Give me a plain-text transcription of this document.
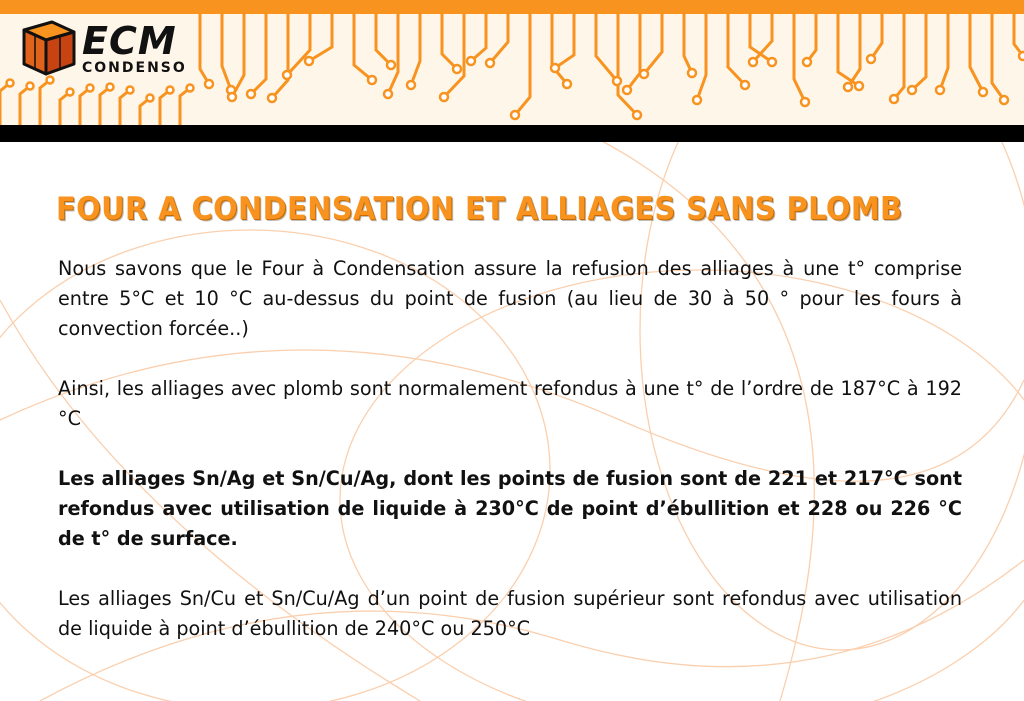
ECM
CONDENSO
FOUR A CONDENSATION ET ALLIAGES SANS PLOMB

Nous savons que le Four à Condensation assure la refusion des alliages à une t° comprise entre 5°C et 10 °C au-dessus du point de fusion (au lieu de 30 à 50 ° pour les fours à convection forcée..)

Ainsi, les alliages avec plomb sont normalement refondus à une t° de l’ordre de 187°C à 192 °C

Les alliages Sn/Ag et Sn/Cu/Ag, dont les points de fusion sont de 221 et 217°C sont refondus avec utilisation de liquide à 230°C de point d’ébullition et 228 ou 226 °C de t° de surface.

Les alliages Sn/Cu et Sn/Cu/Ag d’un point de fusion supérieur sont refondus avec utilisation de liquide à point d’ébullition de 240°C ou 250°C
